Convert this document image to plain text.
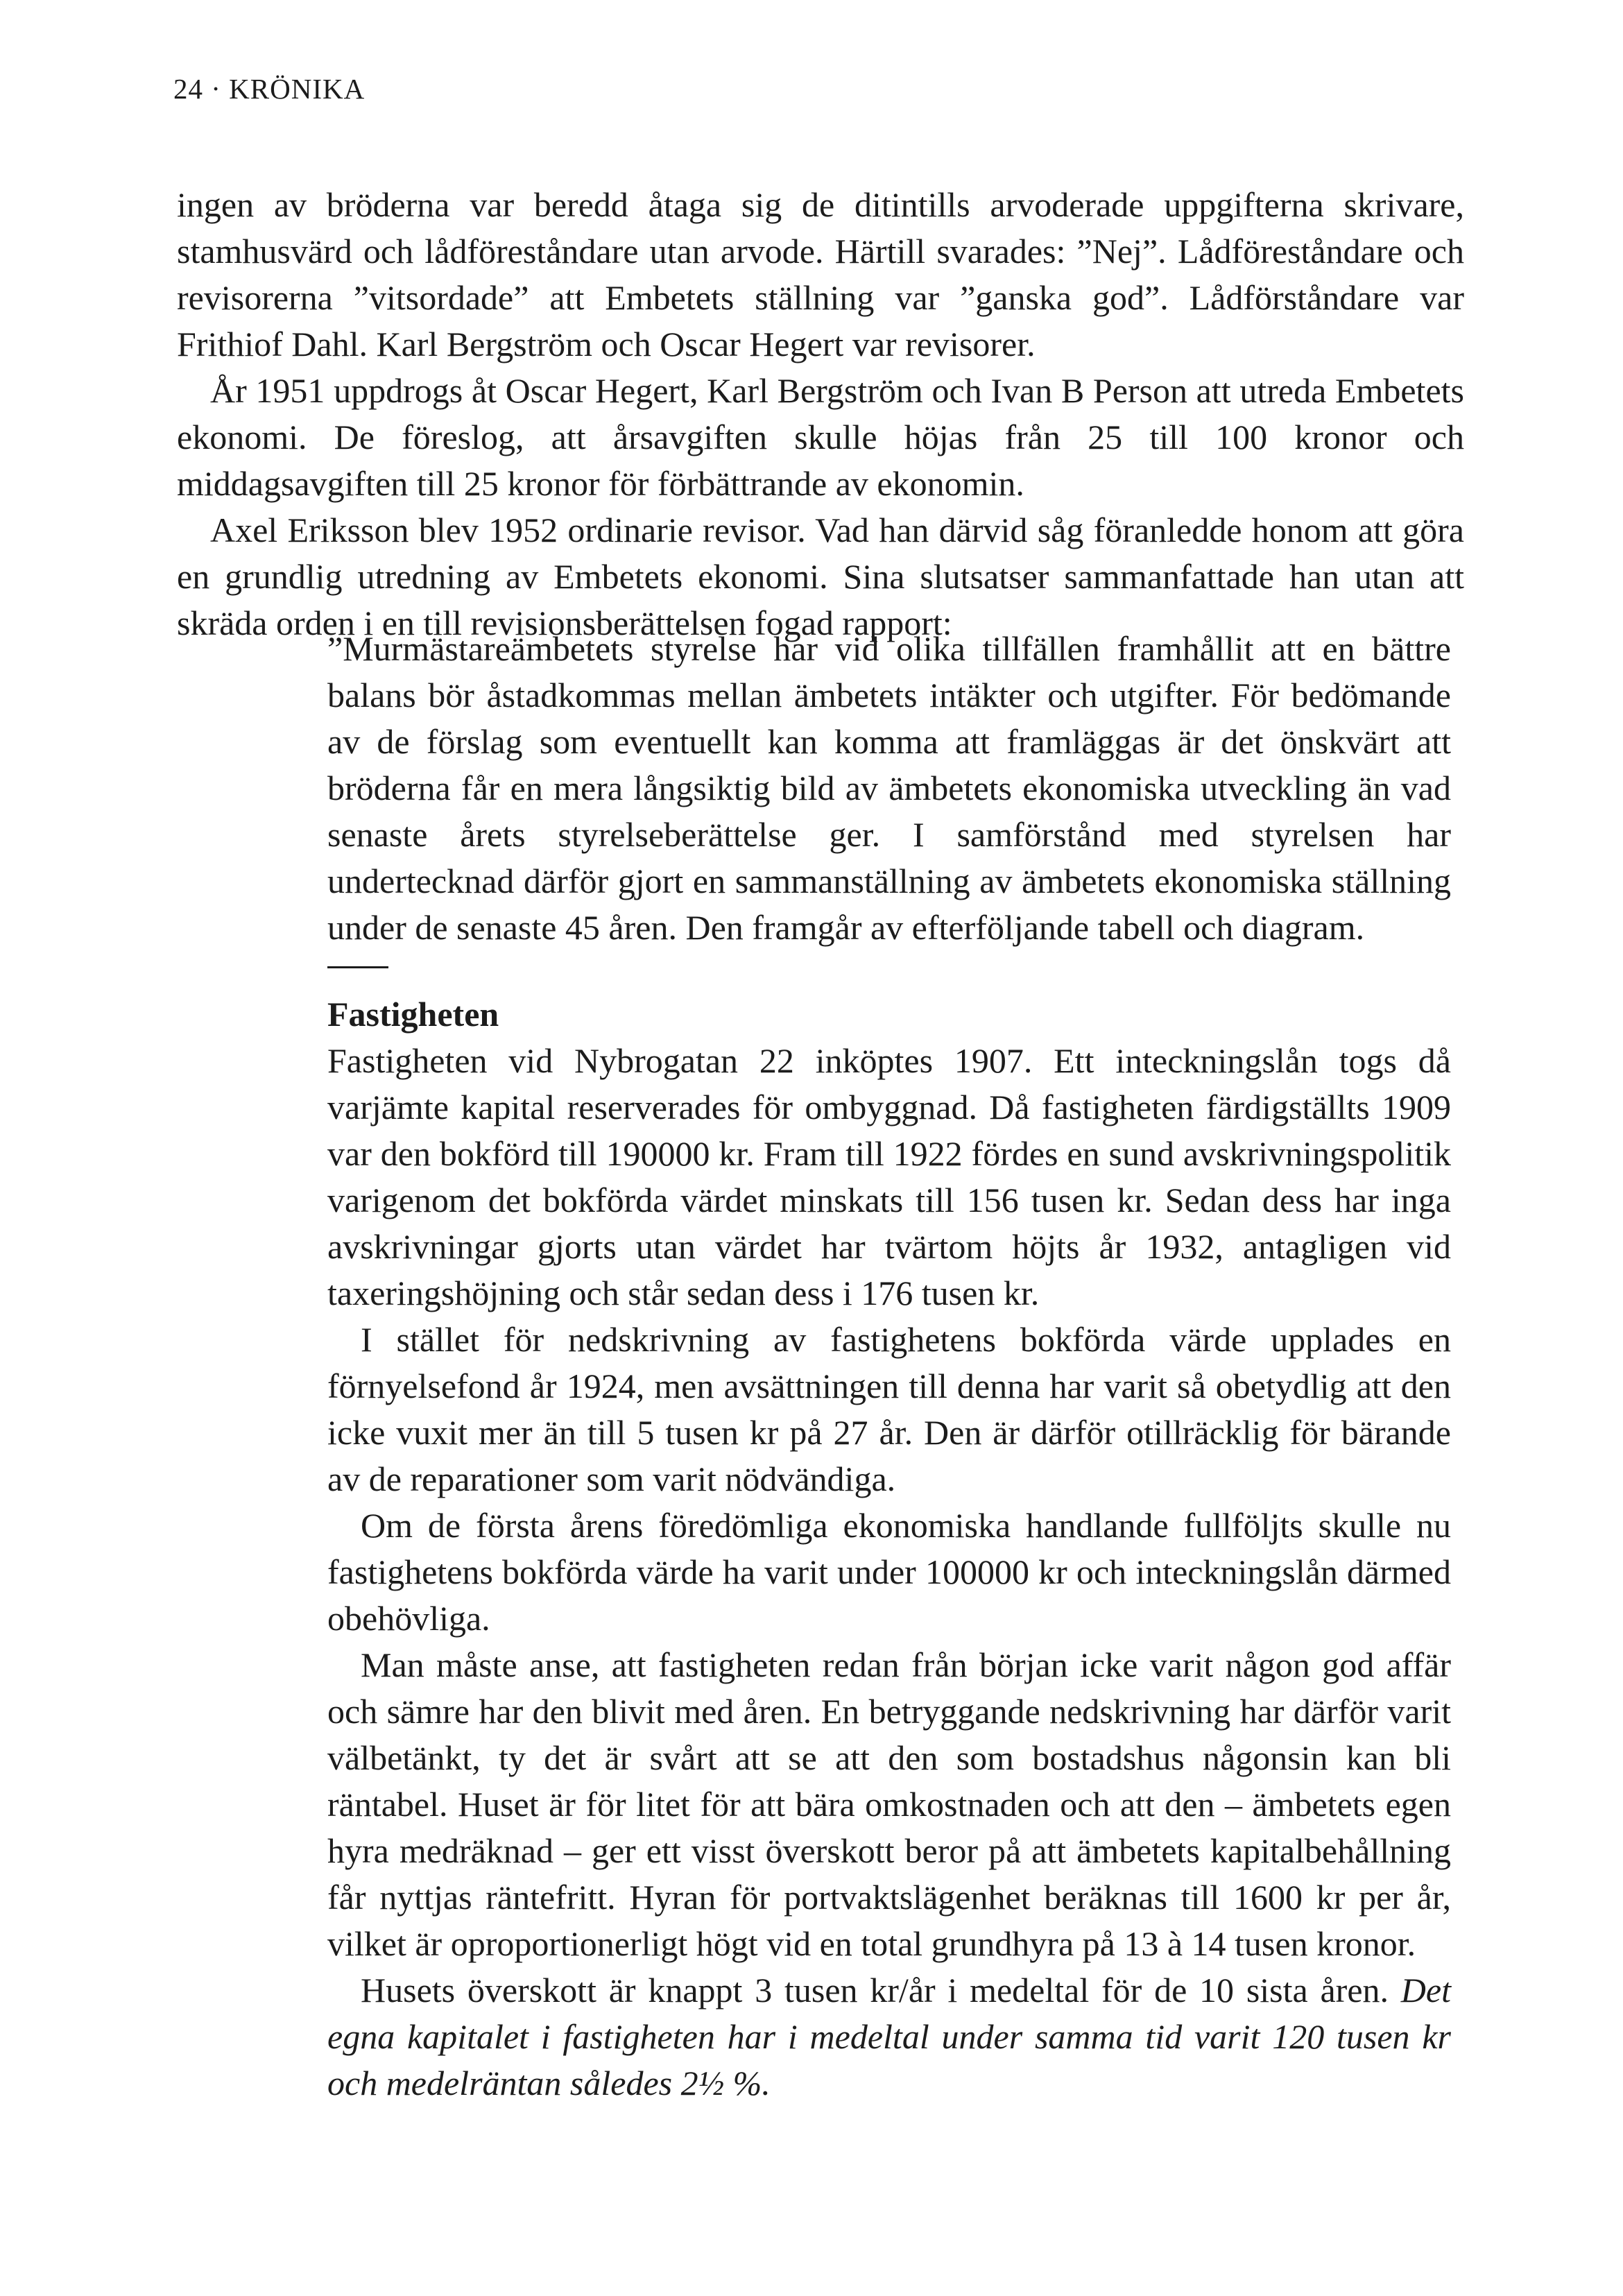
24 · KRÖNIKA

ingen av bröderna var beredd åtaga sig de ditintills arvoderade uppgifterna skrivare, stamhusvärd och lådföreståndare utan arvode. Härtill svarades: ”Nej”. Lådföreståndare och revisorerna ”vitsordade” att Embetets ställning var ”ganska god”. Lådförståndare var Frithiof Dahl. Karl Bergström och Oscar Hegert var revisorer.

År 1951 uppdrogs åt Oscar Hegert, Karl Bergström och Ivan B Person att utreda Embetets ekonomi. De föreslog, att årsavgiften skulle höjas från 25 till 100 kronor och middagsavgiften till 25 kronor för förbättrande av ekonomin.

Axel Eriksson blev 1952 ordinarie revisor. Vad han därvid såg föranledde honom att göra en grundlig utredning av Embetets ekonomi. Sina slutsatser sammanfattade han utan att skräda orden i en till revisionsberättelsen fogad rapport:

”Murmästareämbetets styrelse har vid olika tillfällen framhållit att en bättre balans bör åstadkommas mellan ämbetets intäkter och utgifter. För bedömande av de förslag som eventuellt kan komma att framläggas är det önskvärt att bröderna får en mera långsiktig bild av ämbetets ekonomiska utveckling än vad senaste årets styrelseberättelse ger. I samförstånd med styrelsen har undertecknad därför gjort en sammanställning av ämbetets ekonomiska ställning under de senaste 45 åren. Den framgår av efterföljande tabell och diagram.

Fastigheten

Fastigheten vid Nybrogatan 22 inköptes 1907. Ett inteckningslån togs då varjämte kapital reserverades för ombyggnad. Då fastigheten färdigställts 1909 var den bokförd till 190000 kr. Fram till 1922 fördes en sund avskrivningspolitik varigenom det bokförda värdet minskats till 156 tusen kr. Sedan dess har inga avskrivningar gjorts utan värdet har tvärtom höjts år 1932, antagligen vid taxeringshöjning och står sedan dess i 176 tusen kr.

I stället för nedskrivning av fastighetens bokförda värde upplades en förnyelsefond år 1924, men avsättningen till denna har varit så obetydlig att den icke vuxit mer än till 5 tusen kr på 27 år. Den är därför otillräcklig för bärande av de reparationer som varit nödvändiga.

Om de första årens föredömliga ekonomiska handlande fullföljts skulle nu fastighetens bokförda värde ha varit under 100000 kr och inteckningslån därmed obehövliga.

Man måste anse, att fastigheten redan från början icke varit någon god affär och sämre har den blivit med åren. En betryggande nedskrivning har därför varit välbetänkt, ty det är svårt att se att den som bostadshus någonsin kan bli räntabel. Huset är för litet för att bära omkostnaden och att den – ämbetets egen hyra medräknad – ger ett visst överskott beror på att ämbetets kapitalbehållning får nyttjas räntefritt. Hyran för portvaktslägenhet beräknas till 1600 kr per år, vilket är oproportionerligt högt vid en total grundhyra på 13 à 14 tusen kronor.

Husets överskott är knappt 3 tusen kr/år i medeltal för de 10 sista åren. Det egna kapitalet i fastigheten har i medeltal under samma tid varit 120 tusen kr och medelräntan således 2½ %.
